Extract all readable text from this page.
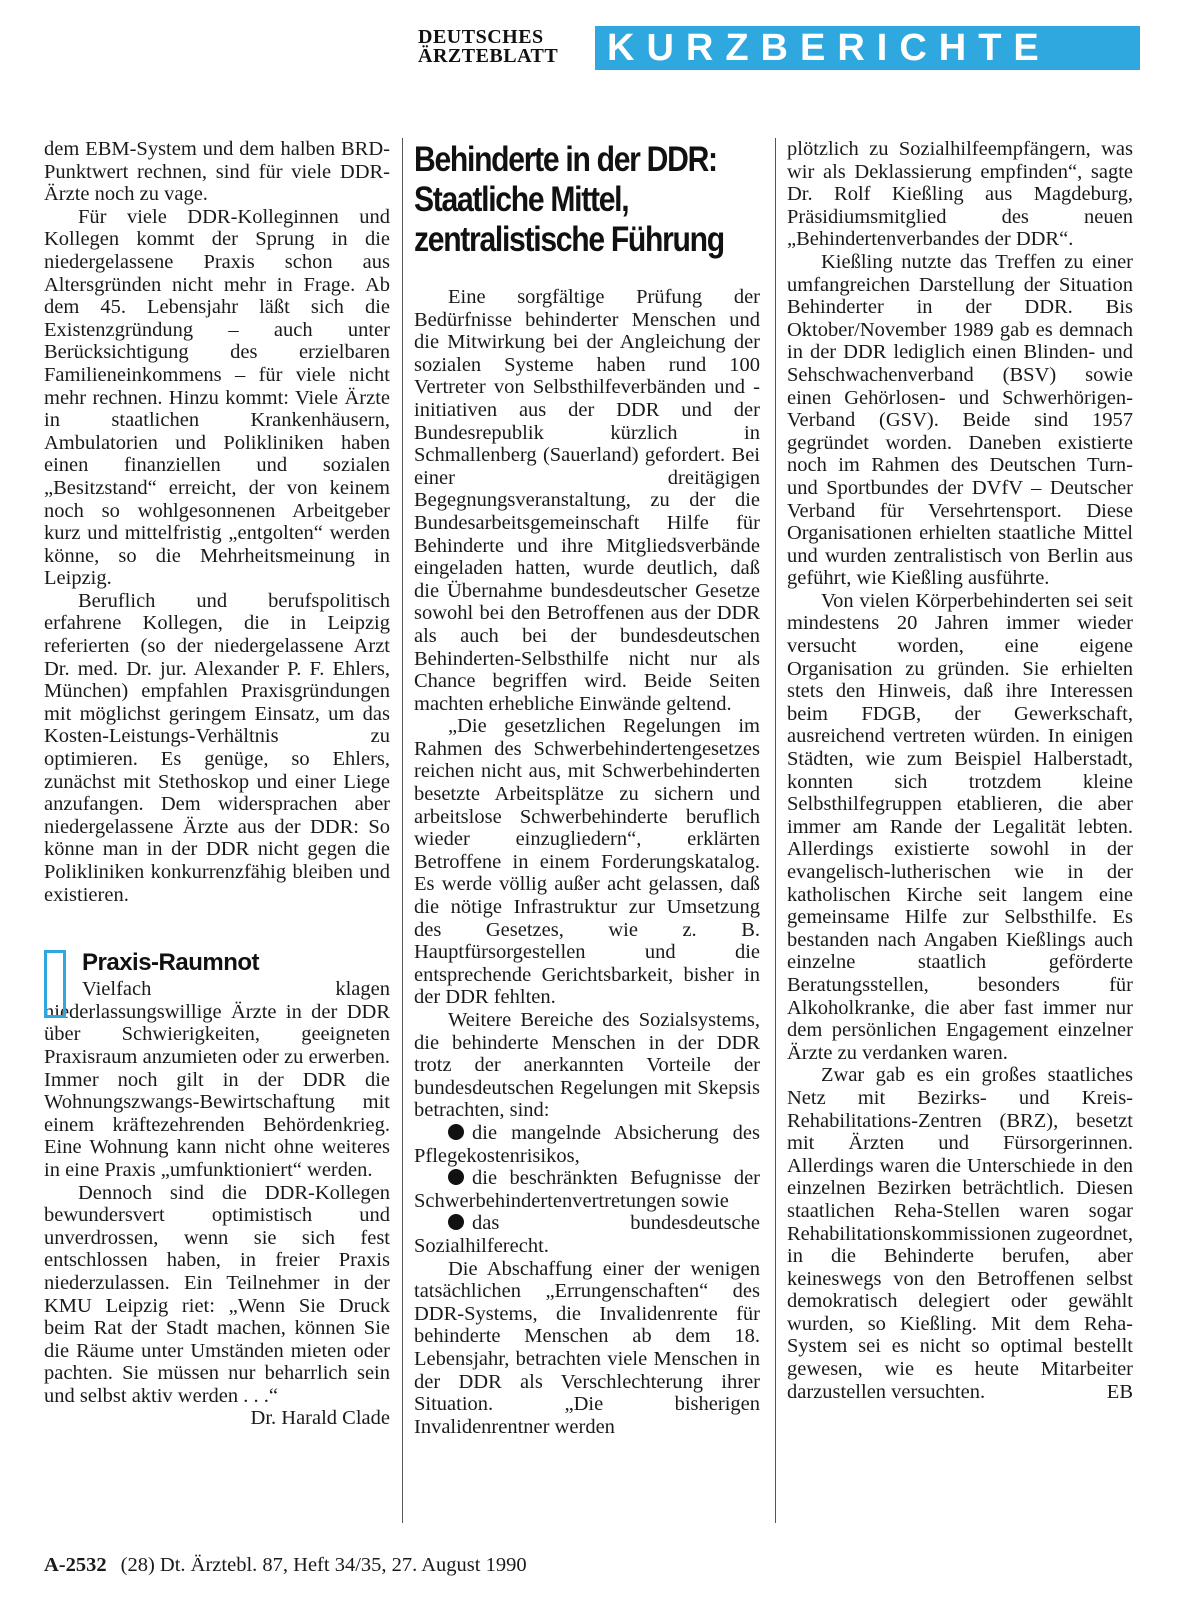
DEUTSCHES
ÄRZTEBLATT	KURZBERICHTE

dem EBM-System und dem halben BRD-Punktwert rechnen, sind für viele DDR-Ärzte noch zu vage.

Für viele DDR-Kolleginnen und Kollegen kommt der Sprung in die niedergelassene Praxis schon aus Altersgründen nicht mehr in Frage. Ab dem 45. Lebensjahr läßt sich die Existenzgründung – auch unter Berücksichtigung des erzielbaren Familieneinkommens – für viele nicht mehr rechnen. Hinzu kommt: Viele Ärzte in staatlichen Krankenhäusern, Ambulatorien und Polikliniken haben einen finanziellen und sozialen „Besitzstand“ erreicht, der von keinem noch so wohlgesonnenen Arbeitgeber kurz und mittelfristig „entgolten“ werden könne, so die Mehrheitsmeinung in Leipzig.

Beruflich und berufspolitisch erfahrene Kollegen, die in Leipzig referierten (so der niedergelassene Arzt Dr. med. Dr. jur. Alexander P. F. Ehlers, München) empfahlen Praxisgründungen mit möglichst geringem Einsatz, um das Kosten-Leistungs-Verhältnis zu optimieren. Es genüge, so Ehlers, zunächst mit Stethoskop und einer Liege anzufangen. Dem widersprachen aber niedergelassene Ärzte aus der DDR: So könne man in der DDR nicht gegen die Polikliniken konkurrenzfähig bleiben und existieren.

Praxis-Raumnot

Vielfach klagen niederlassungswillige Ärzte in der DDR über Schwierigkeiten, geeigneten Praxisraum anzumieten oder zu erwerben. Immer noch gilt in der DDR die Wohnungszwangs-Bewirtschaftung mit einem kräftezehrenden Behördenkrieg. Eine Wohnung kann nicht ohne weiteres in eine Praxis „umfunktioniert“ werden.

Dennoch sind die DDR-Kollegen bewundersvert optimistisch und unverdrossen, wenn sie sich fest entschlossen haben, in freier Praxis niederzulassen. Ein Teilnehmer in der KMU Leipzig riet: „Wenn Sie Druck beim Rat der Stadt machen, können Sie die Räume unter Umständen mieten oder pachten. Sie müssen nur beharrlich sein und selbst aktiv werden . . .“

Dr. Harald Clade
Behinderte in der DDR: Staatliche Mittel, zentralistische Führung

Eine sorgfältige Prüfung der Bedürfnisse behinderter Menschen und die Mitwirkung bei der Angleichung der sozialen Systeme haben rund 100 Vertreter von Selbsthilfeverbänden und -initiativen aus der DDR und der Bundesrepublik kürzlich in Schmallenberg (Sauerland) gefordert. Bei einer dreitägigen Begegnungsveranstaltung, zu der die Bundesarbeitsgemeinschaft Hilfe für Behinderte und ihre Mitgliedsverbände eingeladen hatten, wurde deutlich, daß die Übernahme bundesdeutscher Gesetze sowohl bei den Betroffenen aus der DDR als auch bei der bundesdeutschen Behinderten-Selbsthilfe nicht nur als Chance begriffen wird. Beide Seiten machten erhebliche Einwände geltend.

„Die gesetzlichen Regelungen im Rahmen des Schwerbehindertengesetzes reichen nicht aus, mit Schwerbehinderten besetzte Arbeitsplätze zu sichern und arbeitslose Schwerbehinderte beruflich wieder einzugliedern“, erklärten Betroffene in einem Forderungskatalog. Es werde völlig außer acht gelassen, daß die nötige Infrastruktur zur Umsetzung des Gesetzes, wie z. B. Hauptfürsorgestellen und die entsprechende Gerichtsbarkeit, bisher in der DDR fehlten.

Weitere Bereiche des Sozialsystems, die behinderte Menschen in der DDR trotz der anerkannten Vorteile der bundesdeutschen Regelungen mit Skepsis betrachten, sind:

die mangelnde Absicherung des Pflegekostenrisikos,

die beschränkten Befugnisse der Schwerbehindertenvertretungen sowie

das bundesdeutsche Sozialhilferecht.

Die Abschaffung einer der wenigen tatsächlichen „Errungenschaften“ des DDR-Systems, die Invalidenrente für behinderte Menschen ab dem 18. Lebensjahr, betrachten viele Menschen in der DDR als Verschlechterung ihrer Situation. „Die bisherigen Invalidenrentner werden

plötzlich zu Sozialhilfeempfängern, was wir als Deklassierung empfinden“, sagte Dr. Rolf Kießling aus Magdeburg, Präsidiumsmitglied des neuen „Behindertenverbandes der DDR“.

Kießling nutzte das Treffen zu einer umfangreichen Darstellung der Situation Behinderter in der DDR. Bis Oktober/November 1989 gab es demnach in der DDR lediglich einen Blinden- und Sehschwachenverband (BSV) sowie einen Gehörlosen- und Schwerhörigen-Verband (GSV). Beide sind 1957 gegründet worden. Daneben existierte noch im Rahmen des Deutschen Turn- und Sportbundes der DVfV – Deutscher Verband für Versehrtensport. Diese Organisationen erhielten staatliche Mittel und wurden zentralistisch von Berlin aus geführt, wie Kießling ausführte.

Von vielen Körperbehinderten sei seit mindestens 20 Jahren immer wieder versucht worden, eine eigene Organisation zu gründen. Sie erhielten stets den Hinweis, daß ihre Interessen beim FDGB, der Gewerkschaft, ausreichend vertreten würden. In einigen Städten, wie zum Beispiel Halberstadt, konnten sich trotzdem kleine Selbsthilfegruppen etablieren, die aber immer am Rande der Legalität lebten. Allerdings existierte sowohl in der evangelisch-lutherischen wie in der katholischen Kirche seit langem eine gemeinsame Hilfe zur Selbsthilfe. Es bestanden nach Angaben Kießlings auch einzelne staatlich geförderte Beratungsstellen, besonders für Alkoholkranke, die aber fast immer nur dem persönlichen Engagement einzelner Ärzte zu verdanken waren.

Zwar gab es ein großes staatliches Netz mit Bezirks- und Kreis-Rehabilitations-Zentren (BRZ), besetzt mit Ärzten und Fürsorgerinnen. Allerdings waren die Unterschiede in den einzelnen Bezirken beträchtlich. Diesen staatlichen Reha-Stellen waren sogar Rehabilitationskommissionen zugeordnet, in die Behinderte berufen, aber keineswegs von den Betroffenen selbst demokratisch delegiert oder gewählt wurden, so Kießling. Mit dem Reha-System sei es nicht so optimal bestellt gewesen, wie es heute Mitarbeiter darzustellen versuchten.	EB

A-2532 (28) Dt. Ärztebl. 87, Heft 34/35, 27. August 1990
